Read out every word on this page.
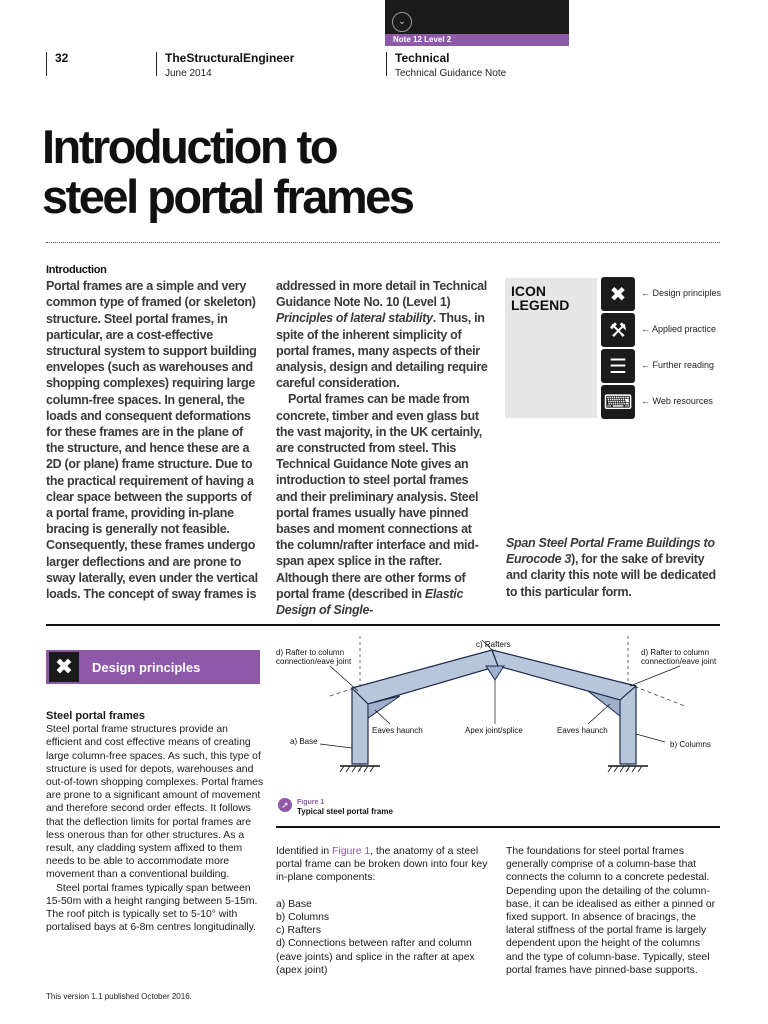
⌄
Note 12 Level 2
32	TheStructuralEngineer
June 2014
Technical
Technical Guidance Note
Introduction to
steel portal frames

Introduction

Portal frames are a simple and very common type of framed (or skeleton) structure. Steel portal frames, in particular, are a cost-effective structural system to support building envelopes (such as warehouses and shopping complexes) requiring large column-free spaces. In general, the loads and consequent deformations for these frames are in the plane of the structure, and hence these are a 2D (or plane) frame structure. Due to the practical requirement of having a clear space between the supports of a portal frame, providing in-plane bracing is generally not feasible. Consequently, these frames undergo larger deflections and are prone to sway laterally, even under the vertical loads. The concept of sway frames is

addressed in more detail in Technical Guidance Note No. 10 (Level 1) Principles of lateral stability. Thus, in spite of the inherent simplicity of portal frames, many aspects of their analysis, design and detailing require careful consideration.

Portal frames can be made from concrete, timber and even glass but the vast majority, in the UK certainly, are constructed from steel. This Technical Guidance Note gives an introduction to steel portal frames and their preliminary analysis. Steel portal frames usually have pinned bases and moment connections at the column/rafter interface and mid-span apex splice in the rafter. Although there are other forms of portal frame (described in Elastic Design of Single-

Span Steel Portal Frame Buildings to Eurocode 3), for the sake of brevity and clarity this note will be dedicated to this particular form.

ICON LEGEND	✖	← Design principles
⚒	← Applied practice
☰	← Further reading
⌨ ← Web resources
✖	Design principles

Steel portal frames

Steel portal frame structures provide an efficient and cost effective means of creating large column-free spaces. As such, this type of structure is used for depots, warehouses and out-of-town shopping complexes. Portal frames are prone to a significant amount of movement and therefore second order effects. It follows that the deflection limits for portal frames are less onerous than for other structures. As a result, any cladding system affixed to them needs to be able to accommodate more movement than a conventional building.

Steel portal frames typically span between 15-50m with a height ranging between 5-15m. The roof pitch is typically set to 5-10° with portalised bays at 6-8m centres longitudinally.

c) Rafters
d) Rafter to column
connection/eave joint
d) Rafter to column
connection/eave joint
Eaves haunch	Apex joint/splice	Eaves haunch
a) Base	b) Columns
➚	Figure 1
Typical steel portal frame

Identified in Figure 1, the anatomy of a steel portal frame can be broken down into four key in-plane components:

a) Base

b) Columns

c) Rafters

d) Connections between rafter and column (eave joints) and splice in the rafter at apex (apex joint)

The foundations for steel portal frames generally comprise of a column-base that connects the column to a concrete pedestal. Depending upon the detailing of the column-base, it can be idealised as either a pinned or fixed support. In absence of bracings, the lateral stiffness of the portal frame is largely dependent upon the height of the columns and the type of column-base. Typically, steel portal frames have pinned-base supports.

This version 1.1 published October 2016.
